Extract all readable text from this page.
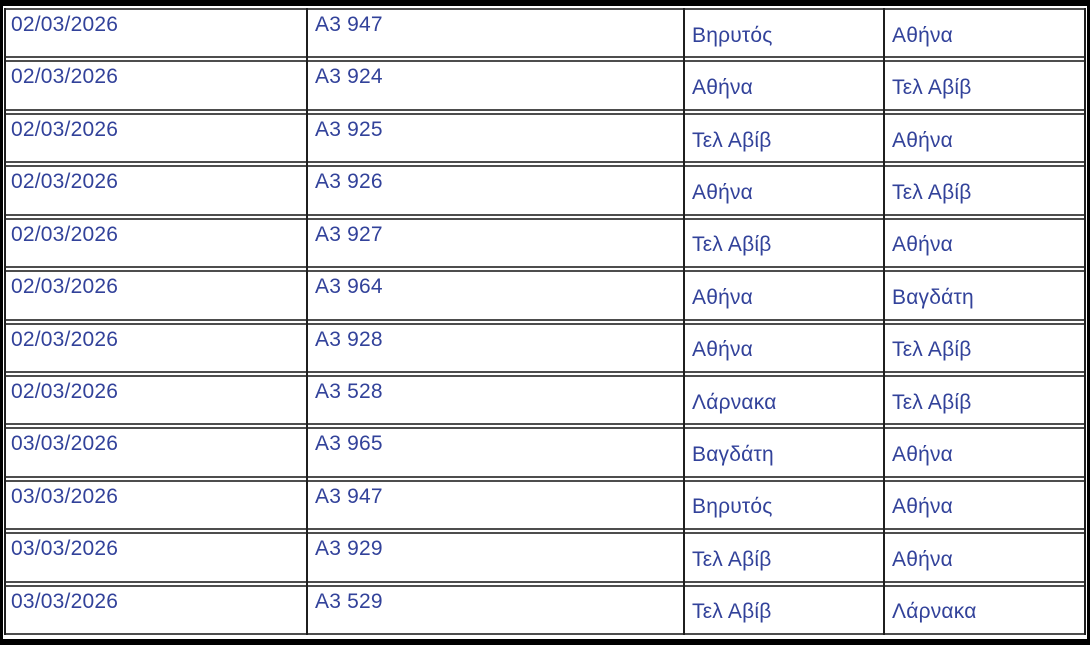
02/03/2026	A3 947	Βηρυτός	Αθήνα
02/03/2026	A3 924	Αθήνα	Τελ Αβίβ
02/03/2026	A3 925	Τελ Αβίβ	Αθήνα
02/03/2026	A3 926	Αθήνα	Τελ Αβίβ
02/03/2026	A3 927	Τελ Αβίβ	Αθήνα
02/03/2026	A3 964	Αθήνα	Βαγδάτη
02/03/2026	A3 928	Αθήνα	Τελ Αβίβ
02/03/2026	A3 528	Λάρνακα	Τελ Αβίβ
03/03/2026	A3 965	Βαγδάτη	Αθήνα
03/03/2026	A3 947	Βηρυτός	Αθήνα
03/03/2026	A3 929	Τελ Αβίβ	Αθήνα
03/03/2026	A3 529	Τελ Αβίβ	Λάρνακα
